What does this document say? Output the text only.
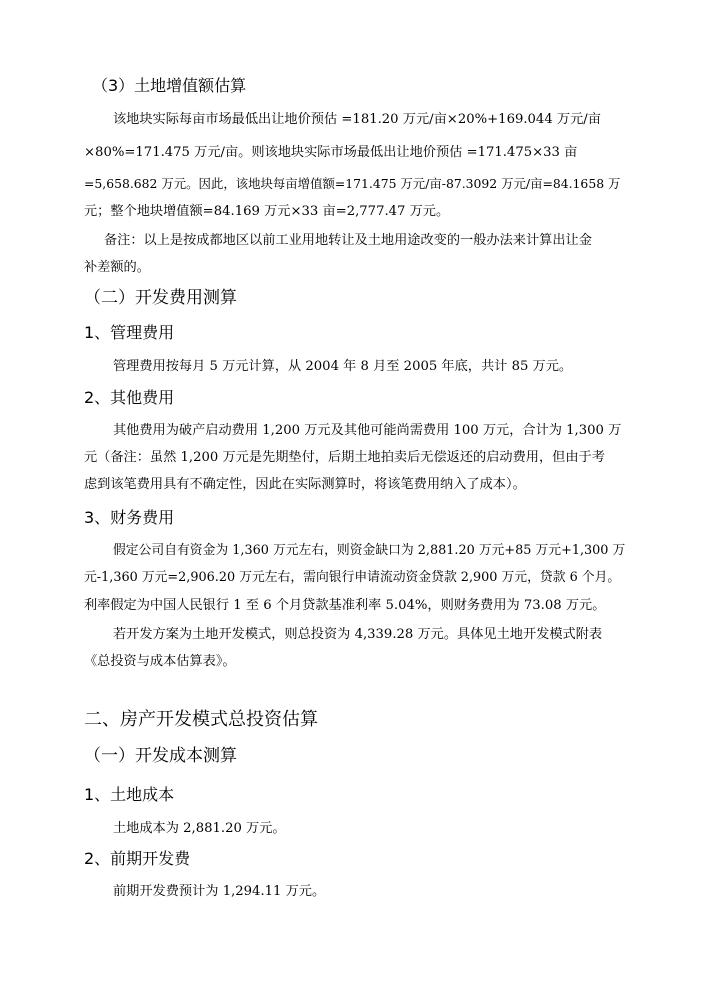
（3）土地增值额估算
该地块实际每亩市场最低出让地价预估 =181.20 万元/亩×20%+169.044 万元/亩
×80%=171.475 万元/亩。则该地块实际市场最低出让地价预估 =171.475×33 亩
=5,658.682 万元。因此，该地块每亩增值额=171.475 万元/亩-87.3092 万元/亩=84.1658 万
元；整个地块增值额=84.169 万元×33 亩=2,777.47 万元。
备注：以上是按成都地区以前工业用地转让及土地用途改变的一般办法来计算出让金
补差额的。
（二）开发费用测算
1、管理费用
管理费用按每月 5 万元计算，从 2004 年 8 月至 2005 年底，共计 85 万元。
2、其他费用
其他费用为破产启动费用 1,200 万元及其他可能尚需费用 100 万元，合计为 1,300 万
元（备注：虽然 1,200 万元是先期垫付，后期土地拍卖后无偿返还的启动费用，但由于考
虑到该笔费用具有不确定性，因此在实际测算时，将该笔费用纳入了成本）。
3、财务费用
假定公司自有资金为 1,360 万元左右，则资金缺口为 2,881.20 万元+85 万元+1,300 万
元-1,360 万元=2,906.20 万元左右，需向银行申请流动资金贷款 2,900 万元，贷款 6 个月。
利率假定为中国人民银行 1 至 6 个月贷款基准利率 5.04%，则财务费用为 73.08 万元。
若开发方案为土地开发模式，则总投资为 4,339.28 万元。具体见土地开发模式附表
《总投资与成本估算表》。
二、房产开发模式总投资估算
（一）开发成本测算
1、土地成本
土地成本为 2,881.20 万元。
2、前期开发费
前期开发费预计为 1,294.11 万元。
